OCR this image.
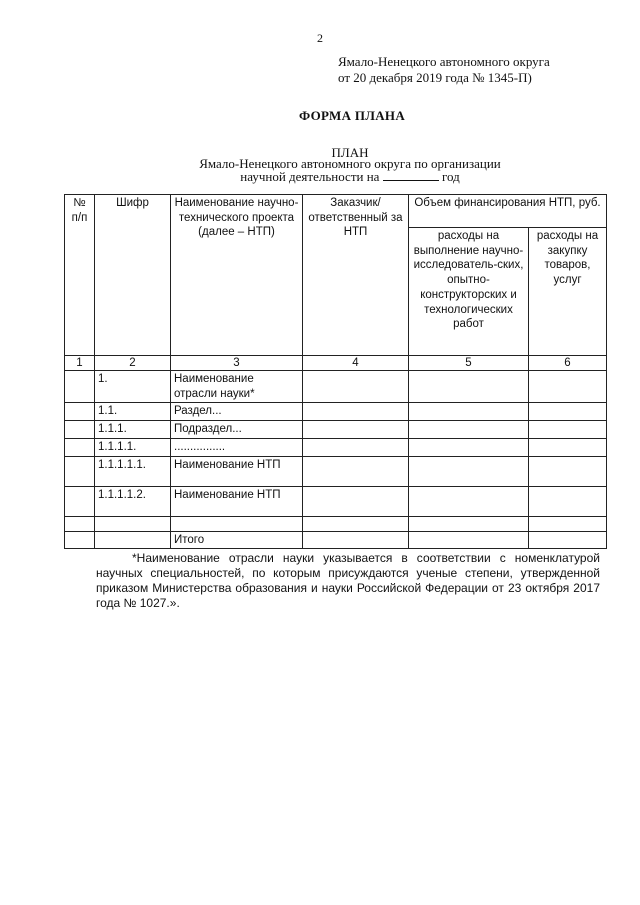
2
Ямало-Ненецкого автономного округа
от 20 декабря 2019 года № 1345-П)
ФОРМА ПЛАНА
ПЛАН
Ямало-Ненецкого автономного округа по организации
научной деятельности на	год
№ п/п	Шифр	Наименование научно-технического проекта (далее – НТП)	Заказчик/ ответственный за НТП	Объем финансирования НТП, руб.	
				расходы на выполнение научно-исследователь-ских, опытно-конструкторских и технологических работ	расходы на закупку товаров, услуг
1	2	3	4	5	6
	1.	Наименование отрасли науки*			
	1.1.	Раздел...			
	1.1.1.	Подраздел...			
	1.1.1.1.	................			
	1.1.1.1.1.	Наименование НТП			
	1.1.1.1.2.	Наименование НТП			

		Итого			
*Наименование отрасли науки указывается в соответствии с номенклатурой научных специальностей, по которым присуждаются ученые степени, утвержденной приказом Министерства образования и науки Российской Федерации от 23 октября 2017 года № 1027.».
